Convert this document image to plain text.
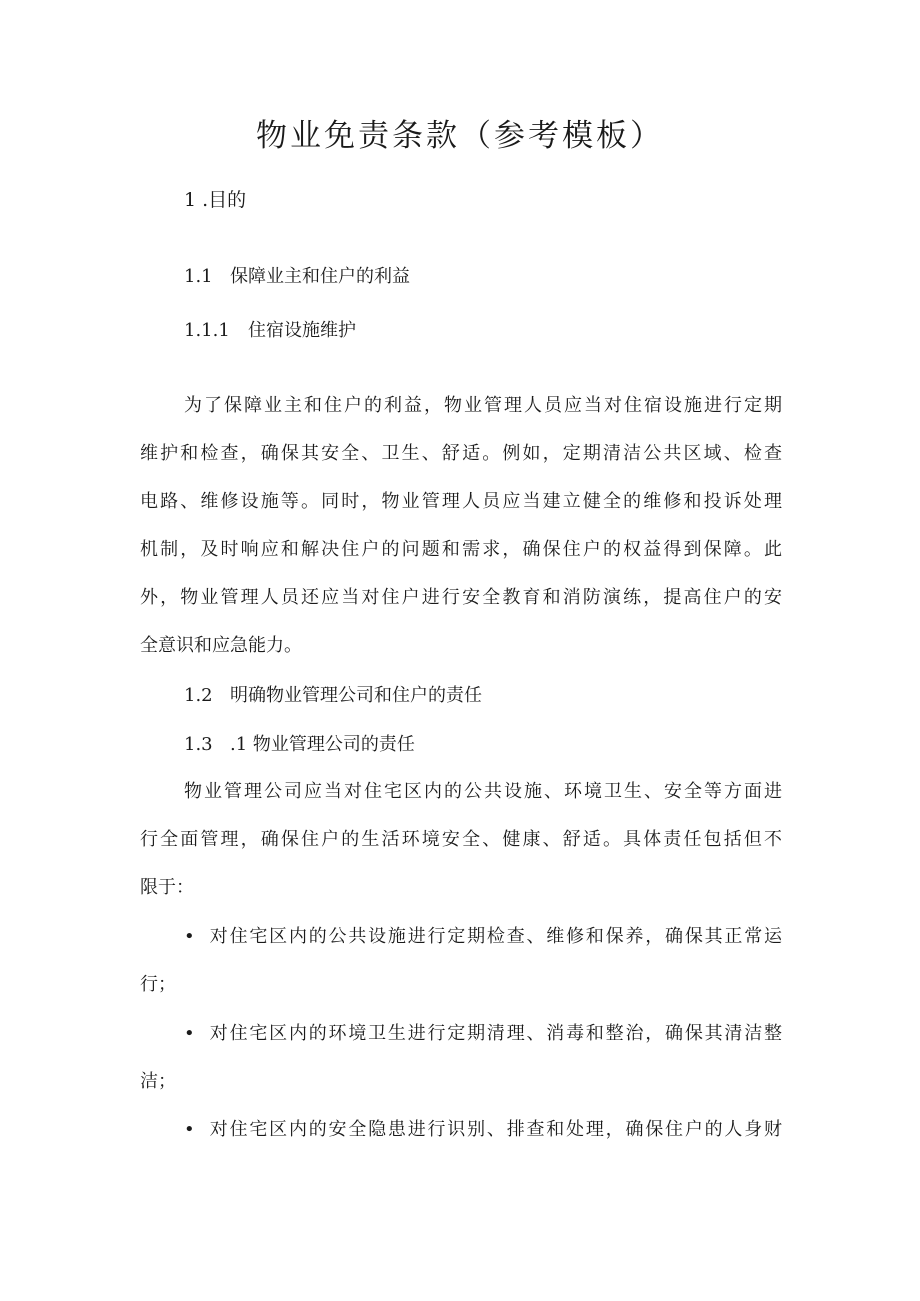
物业免责条款（参考模板）
1 .目的
1.1 保障业主和住户的利益
1.1.1 住宿设施维护
为了保障业主和住户的利益，物业管理人员应当对住宿设施进行定期
维护和检查，确保其安全、卫生、舒适。例如，定期清洁公共区域、检查
电路、维修设施等。同时，物业管理人员应当建立健全的维修和投诉处理
机制，及时响应和解决住户的问题和需求，确保住户的权益得到保障。此
外，物业管理人员还应当对住户进行安全教育和消防演练，提高住户的安
全意识和应急能力。
1.2 明确物业管理公司和住户的责任
1.3 .1 物业管理公司的责任
物业管理公司应当对住宅区内的公共设施、环境卫生、安全等方面进
行全面管理，确保住户的生活环境安全、健康、舒适。具体责任包括但不
限于：
• 对住宅区内的公共设施进行定期检查、维修和保养，确保其正常运
行；
• 对住宅区内的环境卫生进行定期清理、消毒和整治，确保其清洁整
洁；
• 对住宅区内的安全隐患进行识别、排查和处理，确保住户的人身财
